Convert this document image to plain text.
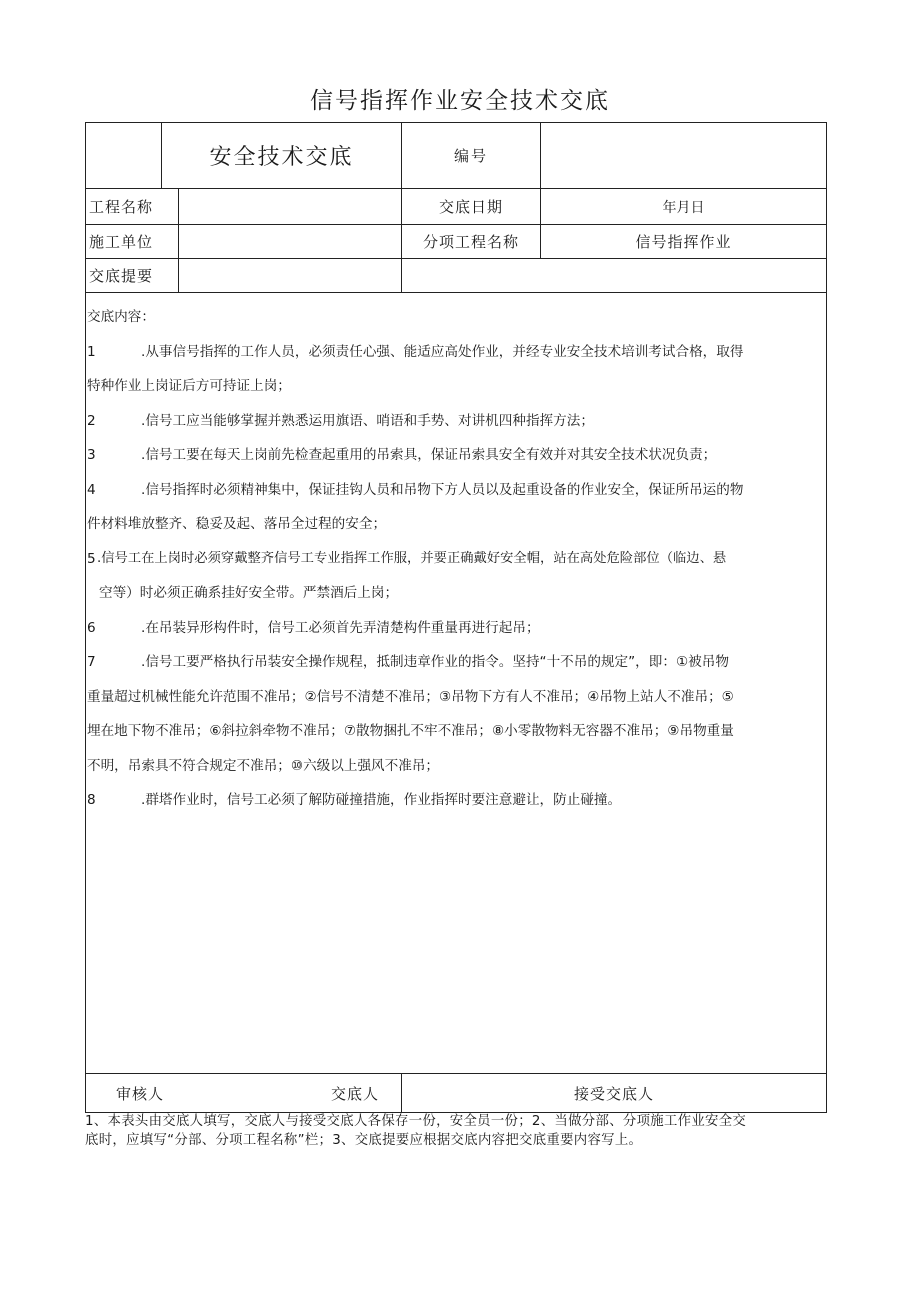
信号指挥作业安全技术交底
安全技术交底	编号
工程名称	交底日期	年月日
施工单位	分项工程名称	信号指挥作业
交底提要
审核人	交底人	接受交底人

交底内容：

1	.从事信号指挥的工作人员，必须责任心强、能适应高处作业，并经专业安全技术培训考试合格，取得

特种作业上岗证后方可持证上岗；

2	.信号工应当能够掌握并熟悉运用旗语、哨语和手势、对讲机四种指挥方法；
3	.信号工要在每天上岗前先检查起重用的吊索具，保证吊索具安全有效并对其安全技术状况负责；
4	.信号指挥时必须精神集中，保证挂钩人员和吊物下方人员以及起重设备的作业安全，保证所吊运的物

件材料堆放整齐、稳妥及起、落吊全过程的安全；

5 .信号工在上岗时必须穿戴整齐信号工专业指挥工作服，并要正确戴好安全帽，站在高处危险部位（临边、悬

空等）时必须正确系挂好安全带。严禁酒后上岗；

6	.在吊装异形构件时，信号工必须首先弄清楚构件重量再进行起吊；
7	.信号工要严格执行吊装安全操作规程，抵制违章作业的指令。坚持“十不吊的规定”，即：①被吊物

重量超过机械性能允许范围不准吊；②信号不清楚不准吊；③吊物下方有人不准吊；④吊物上站人不准吊；⑤

埋在地下物不准吊；⑥斜拉斜牵物不准吊；⑦散物捆扎不牢不准吊；⑧小零散物料无容器不准吊；⑨吊物重量

不明，吊索具不符合规定不准吊；⑩六级以上强风不准吊；

8	.群塔作业时，信号工必须了解防碰撞措施，作业指挥时要注意避让，防止碰撞。
1、本表头由交底人填写，交底人与接受交底人各保存一份，安全员一份；2、当做分部、分项施工作业安全交
底时，应填写“分部、分项工程名称”栏；3、交底提要应根据交底内容把交底重要内容写上。
